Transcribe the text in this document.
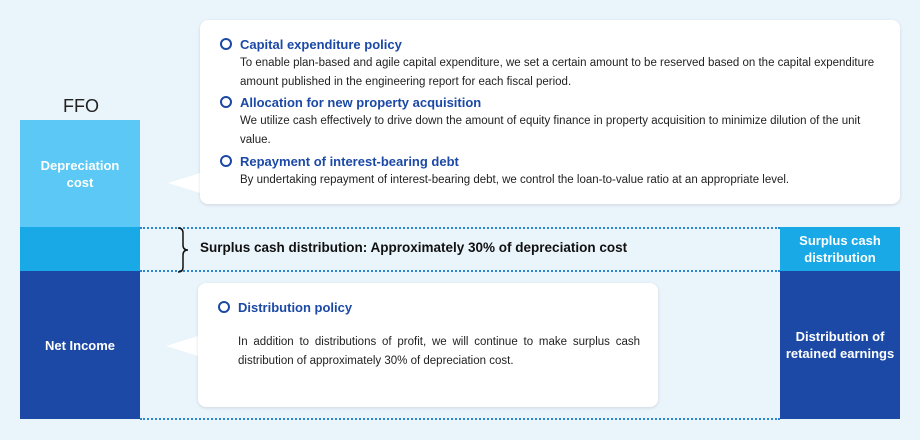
FFO
Depreciation cost
Net Income
Capital expenditure policy
To enable plan-based and agile capital expenditure, we set a certain amount to be reserved based on the capital expenditure amount published in the engineering report for each fiscal period.
Allocation for new property acquisition
We utilize cash effectively to drive down the amount of equity finance in property acquisition to minimize dilution of the unit value.
Repayment of interest-bearing debt
By undertaking repayment of interest-bearing debt, we control the loan-to-value ratio at an appropriate level.
Surplus cash distribution: Approximately 30% of depreciation cost
Distribution policy
In addition to distributions of profit, we will continue to make surplus cash distribution of approximately 30% of depreciation cost.
Surplus cash distribution
Distribution of retained earnings
